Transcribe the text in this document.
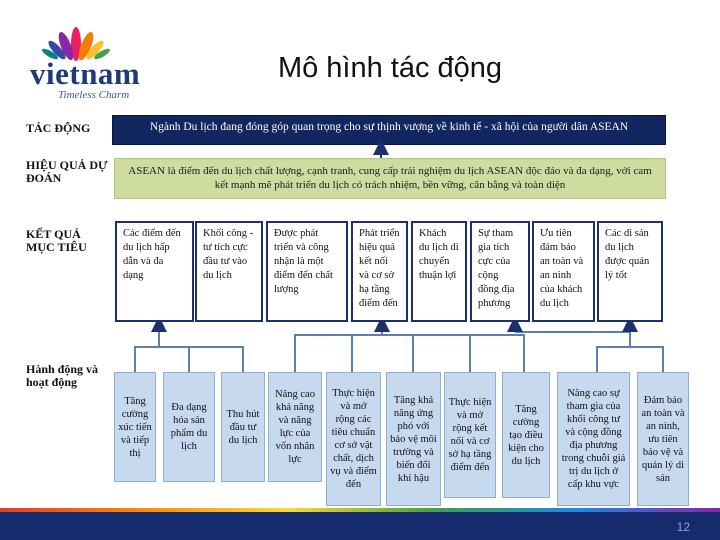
vietnam
Timeless Charm
Mô hình tác động
TÁC ĐỘNG
HIỆU QUẢ DỰ ĐOÁN
KẾT QUẢ MỤC TIÊU
Hành động và hoạt động
Ngành Du lịch đang đóng góp quan trọng cho sự thịnh vượng về kinh tế - xã hội của người dân ASEAN
ASEAN là điểm đến du lịch chất lượng, cạnh tranh, cung cấp trải nghiệm du lịch ASEAN độc đáo và đa dạng, với cam kết mạnh mẽ phát triển du lịch có trách nhiệm, bền vững, cân bằng và toàn diện
Các điểm đến du lịch hấp dẫn và đa dạng
Khối công - tư tích cực đầu tư vào du lịch
Được phát triển và công nhận là một điểm đến chất lượng
Phát triển hiệu quả kết nối và cơ sở hạ tầng điểm đến
Khách du lịch di chuyển thuận lợi
Sự tham gia tích cực của cộng đồng địa phương
Ưu tiên đảm bảo an toàn và an ninh của khách du lịch
Các di sản du lịch được quản lý tốt
Tăng cường xúc tiến và tiếp thị
Đa dạng hóa sản phẩm du lịch
Thu hút đầu tư du lịch
Nâng cao khả năng và năng lực của vốn nhân lực
Thực hiện và mở rộng các tiêu chuẩn cơ sở vật chất, dịch vụ và điểm đến
Tăng khả năng ứng phó với bảo vệ môi trường và biến đổi khí hậu
Thực hiện và mở rộng kết nối và cơ sở hạ tầng điểm đến
Tăng cường tạo điều kiện cho du lịch
Nâng cao sự tham gia của khối công tư và cộng đồng địa phương trong chuỗi giá trị du lịch ở cấp khu vực
Đảm bảo an toàn và an ninh, ưu tiên bảo vệ và quản lý di sản
12
